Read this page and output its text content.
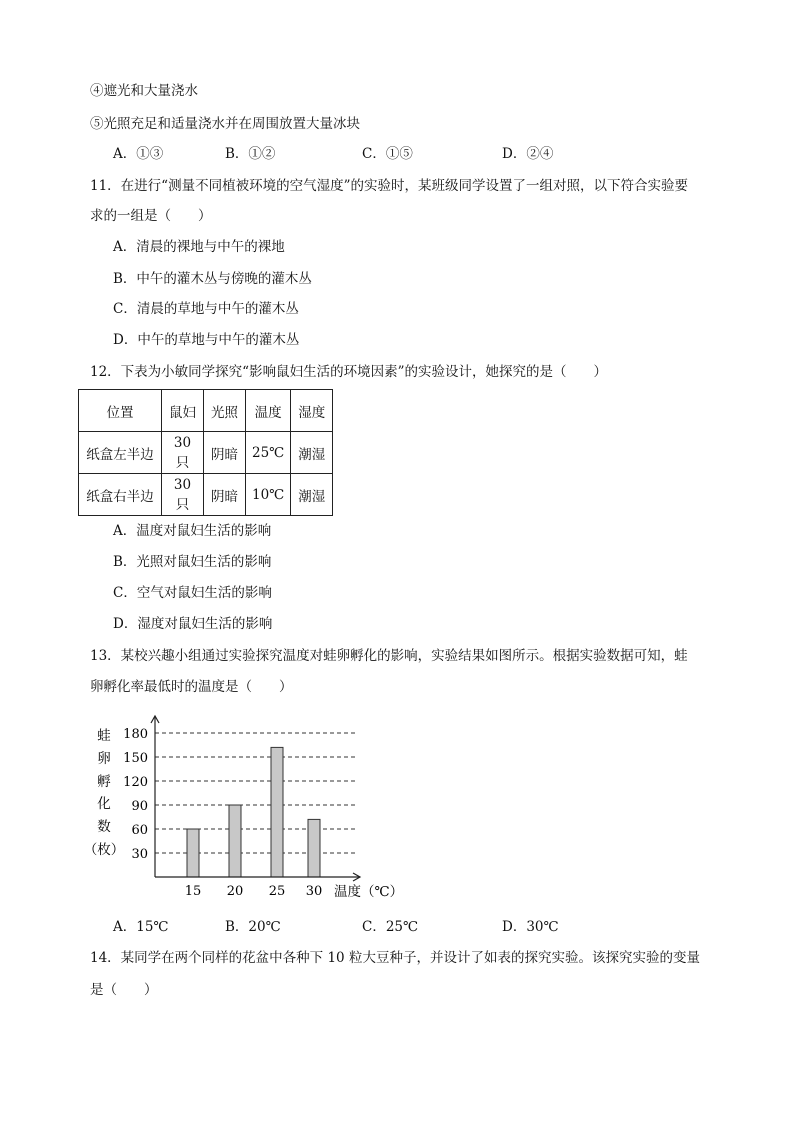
④遮光和大量浇水
⑤光照充足和适量浇水并在周围放置大量冰块
A．①③	B．①②	C．①⑤	D．②④
11．在进行“测量不同植被环境的空气湿度”的实验时，某班级同学设置了一组对照，以下符合实验要
求的一组是（　　）
A．清晨的裸地与中午的裸地
B．中午的灌木丛与傍晚的灌木丛
C．清晨的草地与中午的灌木丛
D．中午的草地与中午的灌木丛
12．下表为小敏同学探究“影响鼠妇生活的环境因素”的实验设计，她探究的是（　　）
位置	鼠妇	光照	温度	湿度
纸盒左半边	30 只	阴暗	25℃	潮湿
纸盒右半边	30 只	阴暗	10℃	潮湿
A．温度对鼠妇生活的影响
B．光照对鼠妇生活的影响
C．空气对鼠妇生活的影响
D．湿度对鼠妇生活的影响
13．某校兴趣小组通过实验探究温度对蛙卵孵化的影响，实验结果如图所示。根据实验数据可知，蛙
卵孵化率最低时的温度是（　　）
蛙
卵
孵
化
数
（枚） 30
60
90
120
150
180
15 20 25 30 温度（℃）
A．15℃	B．20℃	C．25℃	D．30℃
14．某同学在两个同样的花盆中各种下 10 粒大豆种子，并设计了如表的探究实验。该探究实验的变量
是（　　）
